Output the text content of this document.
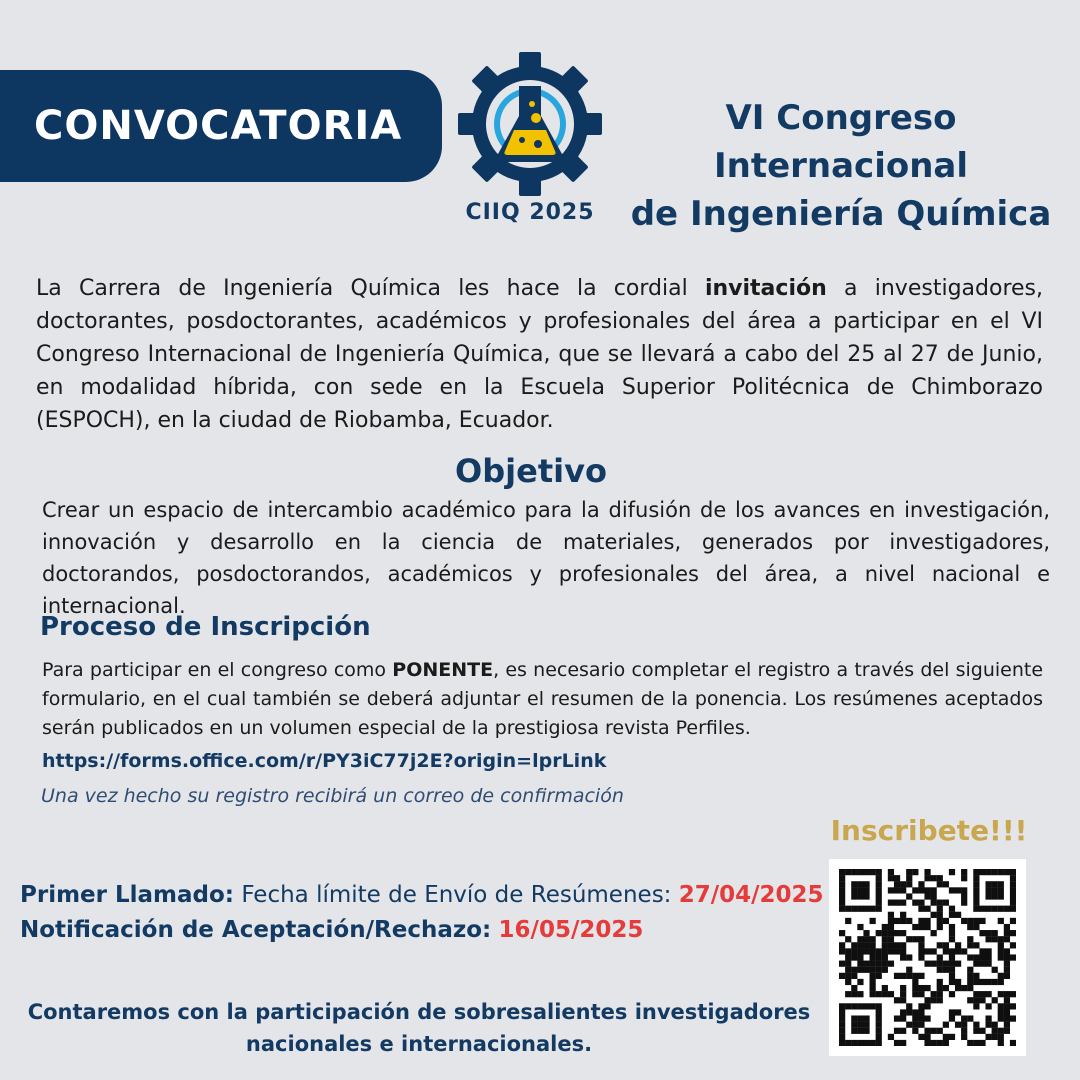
CONVOCATORIA
CIIQ 2025
VI Congreso Internacional
de Ingeniería Química
La Carrera de Ingeniería Química les hace la cordial invitación a investigadores, doctorantes, posdoctorantes, académicos y profesionales del área a participar en el VI Congreso Internacional de Ingeniería Química, que se llevará a cabo del 25 al 27 de Junio, en modalidad híbrida, con sede en la Escuela Superior Politécnica de Chimborazo (ESPOCH), en la ciudad de Riobamba, Ecuador.
Objetivo
Crear un espacio de intercambio académico para la difusión de los avances en investigación, innovación y desarrollo en la ciencia de materiales, generados por investigadores, doctorandos, posdoctorandos, académicos y profesionales del área, a nivel nacional e internacional.
Proceso de Inscripción
Para participar en el congreso como PONENTE, es necesario completar el registro a través del siguiente formulario, en el cual también se deberá adjuntar el resumen de la ponencia. Los resúmenes aceptados serán publicados en un volumen especial de la prestigiosa revista Perfiles.
https://forms.office.com/r/PY3iC77j2E?origin=lprLink
Una vez hecho su registro recibirá un correo de confirmación
Primer Llamado: Fecha límite de Envío de Resúmenes: 27/04/2025
Notificación de Aceptación/Rechazo: 16/05/2025
Contaremos con la participación de sobresalientes investigadores
nacionales e internacionales.
Inscribete!!!
